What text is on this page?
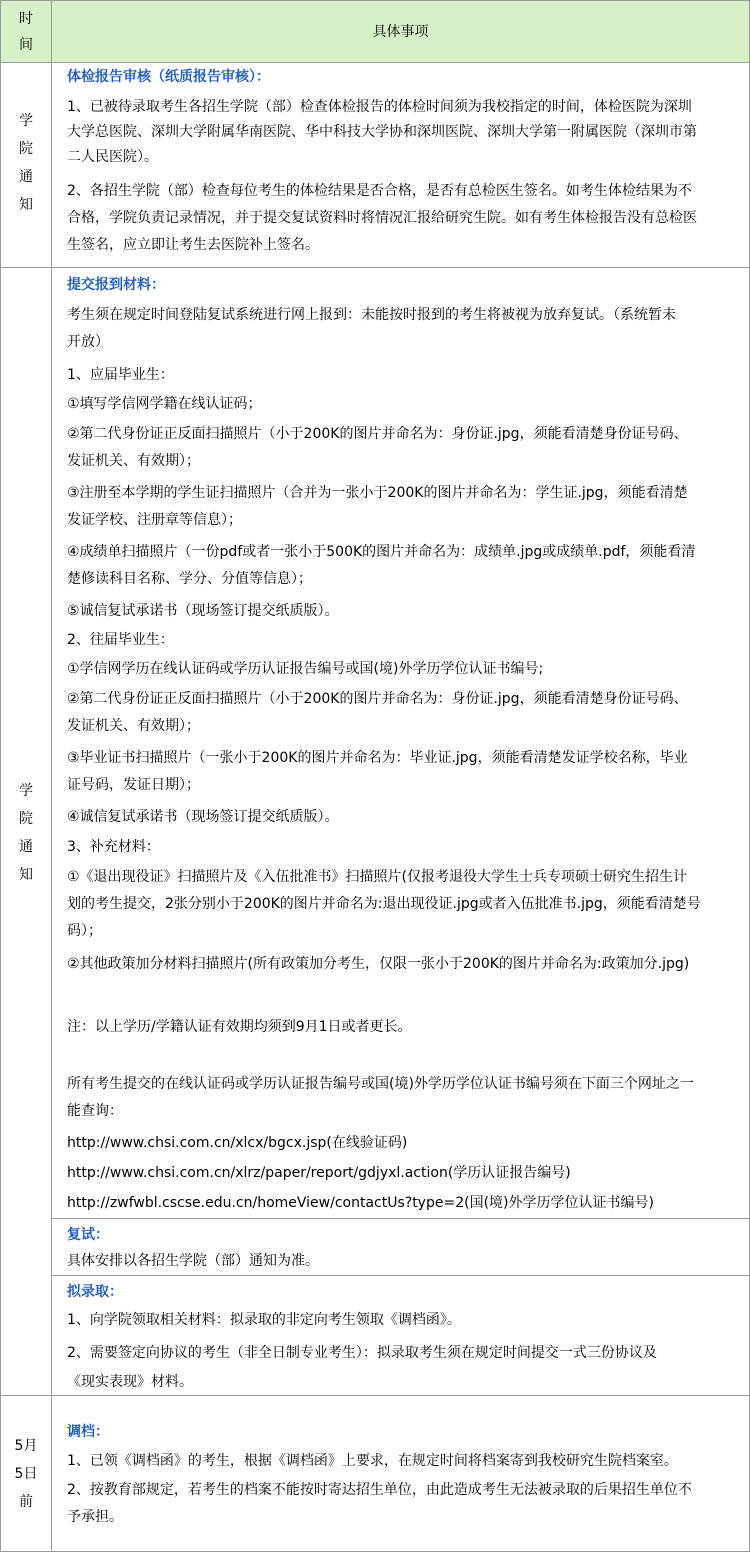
时
间
具体事项
学
院
通
知
体检报告审核（纸质报告审核）：
1、已被待录取考生各招生学院（部）检查体检报告的体检时间须为我校指定的时间，体检医院为深圳
大学总医院、深圳大学附属华南医院、华中科技大学协和深圳医院、深圳大学第一附属医院（深圳市第
二人民医院）。
2、各招生学院（部）检查每位考生的体检结果是否合格，是否有总检医生签名。如考生体检结果为不
合格，学院负责记录情况，并于提交复试资料时将情况汇报给研究生院。如有考生体检报告没有总检医
生签名，应立即让考生去医院补上签名。
学
院
通
知
提交报到材料：
考生须在规定时间登陆复试系统进行网上报到：未能按时报到的考生将被视为放弃复试。（系统暂未
开放）
1、应届毕业生：
①填写学信网学籍在线认证码；
②第二代身份证正反面扫描照片（小于200K的图片并命名为：身份证.jpg，须能看清楚身份证号码、
发证机关、有效期）；
③注册至本学期的学生证扫描照片（合并为一张小于200K的图片并命名为：学生证.jpg，须能看清楚
发证学校、注册章等信息）；
④成绩单扫描照片（一份pdf或者一张小于500K的图片并命名为：成绩单.jpg或成绩单.pdf，须能看清
楚修读科目名称、学分、分值等信息）；
⑤诚信复试承诺书（现场签订提交纸质版）。
2、往届毕业生：
①学信网学历在线认证码或学历认证报告编号或国(境)外学历学位认证书编号;
②第二代身份证正反面扫描照片（小于200K的图片并命名为：身份证.jpg，须能看清楚身份证号码、
发证机关、有效期）；
③毕业证书扫描照片（一张小于200K的图片并命名为：毕业证.jpg，须能看清楚发证学校名称，毕业
证号码，发证日期）；
④诚信复试承诺书（现场签订提交纸质版）。
3、补充材料：
①《退出现役证》扫描照片及《入伍批准书》扫描照片(仅报考退役大学生士兵专项硕士研究生招生计
划的考生提交，2张分别小于200K的图片并命名为:退出现役证.jpg或者入伍批准书.jpg，须能看清楚号
码）；
②其他政策加分材料扫描照片(所有政策加分考生，仅限一张小于200K的图片并命名为:政策加分.jpg)
注：以上学历/学籍认证有效期均须到9月1日或者更长。
所有考生提交的在线认证码或学历认证报告编号或国(境)外学历学位认证书编号须在下面三个网址之一
能查询：
http://www.chsi.com.cn/xlcx/bgcx.jsp(在线验证码)
http://www.chsi.com.cn/xlrz/paper/report/gdjyxl.action(学历认证报告编号)
http://zwfwbl.cscse.edu.cn/homeView/contactUs?type=2(国(境)外学历学位认证书编号)
复试：
具体安排以各招生学院（部）通知为准。
拟录取：
1、向学院领取相关材料：拟录取的非定向考生领取《调档函》。
2、需要签定向协议的考生（非全日制专业考生）：拟录取考生须在规定时间提交一式三份协议及
《现实表现》材料。
5月
5日
前
调档：
1、已领《调档函》的考生，根据《调档函》上要求，在规定时间将档案寄到我校研究生院档案室。
2、按教育部规定，若考生的档案不能按时寄达招生单位，由此造成考生无法被录取的后果招生单位不
予承担。
